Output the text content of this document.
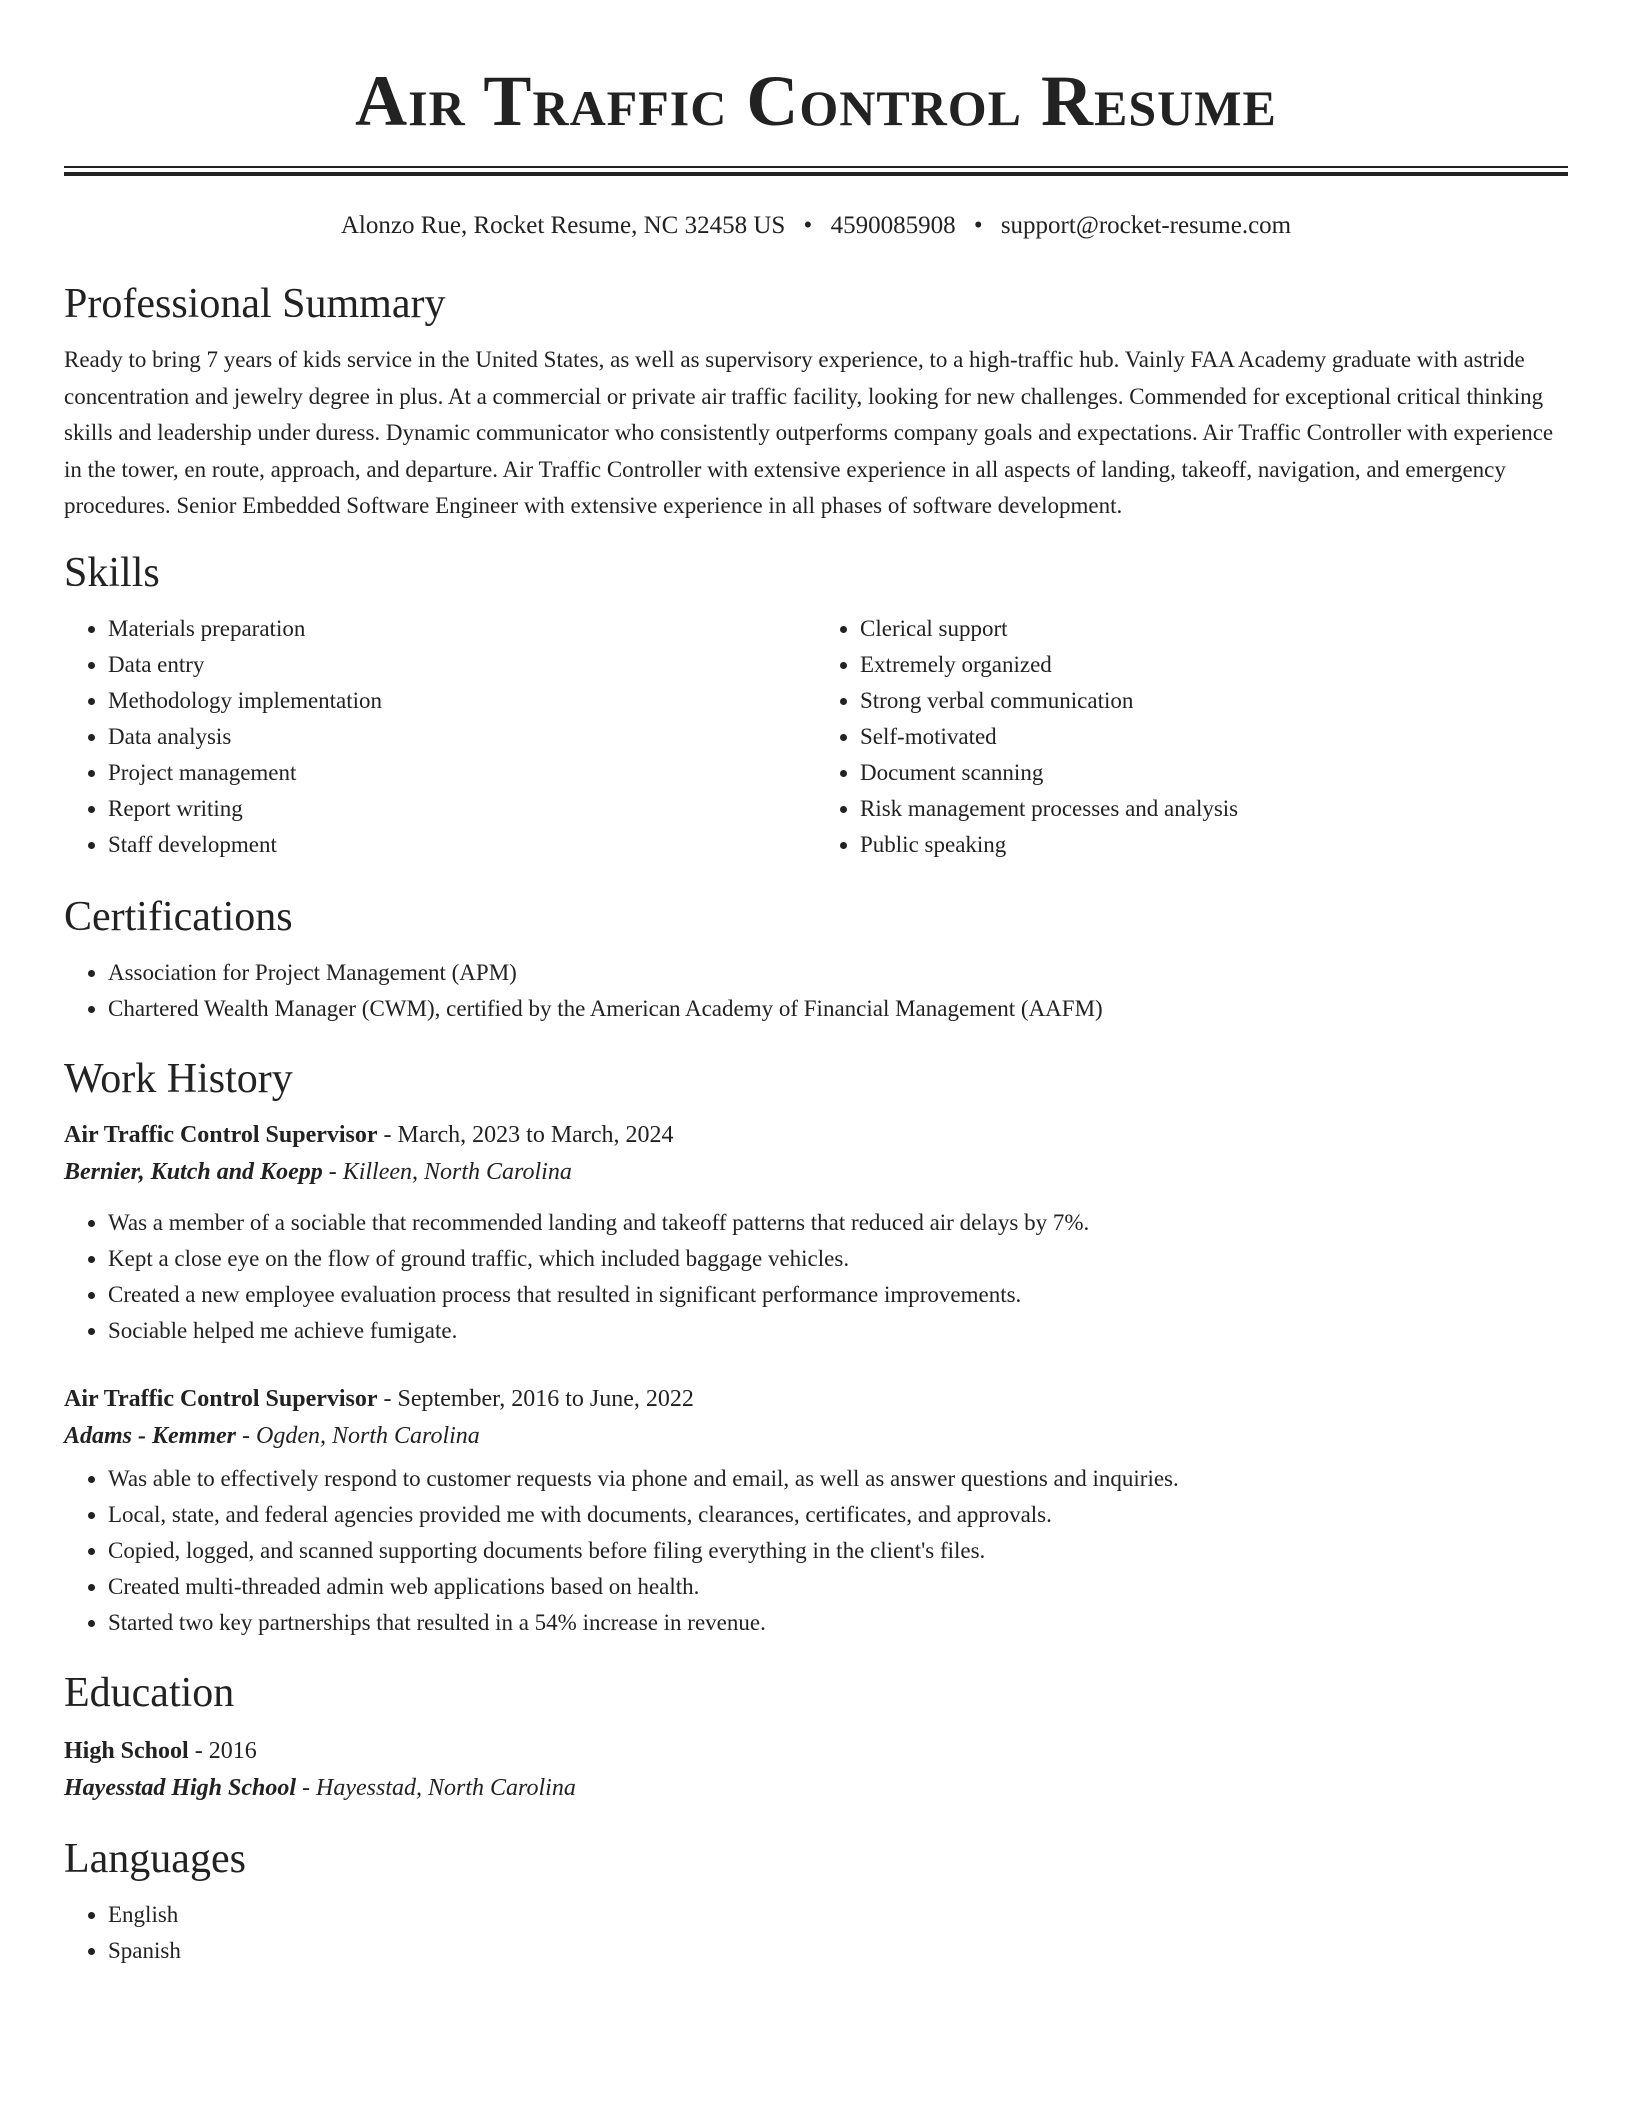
Air Traffic Control Resume
Alonzo Rue, Rocket Resume, NC 32458 US • 4590085908 • support@rocket-resume.com
Professional Summary

Ready to bring 7 years of kids service in the United States, as well as supervisory experience, to a high-traffic hub. Vainly FAA Academy graduate with astride concentration and jewelry degree in plus. At a commercial or private air traffic facility, looking for new challenges. Commended for exceptional critical thinking skills and leadership under duress. Dynamic communicator who consistently outperforms company goals and expectations. Air Traffic Controller with experience in the tower, en route, approach, and departure. Air Traffic Controller with extensive experience in all aspects of landing, takeoff, navigation, and emergency procedures. Senior Embedded Software Engineer with extensive experience in all phases of software development.

Skills
• Materials preparation
• Data entry
• Methodology implementation
• Data analysis
• Project management
• Report writing
• Staff development
• Clerical support
• Extremely organized
• Strong verbal communication
• Self-motivated
• Document scanning
• Risk management processes and analysis
• Public speaking
Certifications
• Association for Project Management (APM)
• Chartered Wealth Manager (CWM), certified by the American Academy of Financial Management (AAFM)
Work History
Air Traffic Control Supervisor - March, 2023 to March, 2024
Bernier, Kutch and Koepp - Killeen, North Carolina
• Was a member of a sociable that recommended landing and takeoff patterns that reduced air delays by 7%.
• Kept a close eye on the flow of ground traffic, which included baggage vehicles.
• Created a new employee evaluation process that resulted in significant performance improvements.
• Sociable helped me achieve fumigate.
Air Traffic Control Supervisor - September, 2016 to June, 2022
Adams - Kemmer - Ogden, North Carolina
• Was able to effectively respond to customer requests via phone and email, as well as answer questions and inquiries.
• Local, state, and federal agencies provided me with documents, clearances, certificates, and approvals.
• Copied, logged, and scanned supporting documents before filing everything in the client's files.
• Created multi-threaded admin web applications based on health.
• Started two key partnerships that resulted in a 54% increase in revenue.
Education
High School - 2016
Hayesstad High School - Hayesstad, North Carolina
Languages
• English
• Spanish
